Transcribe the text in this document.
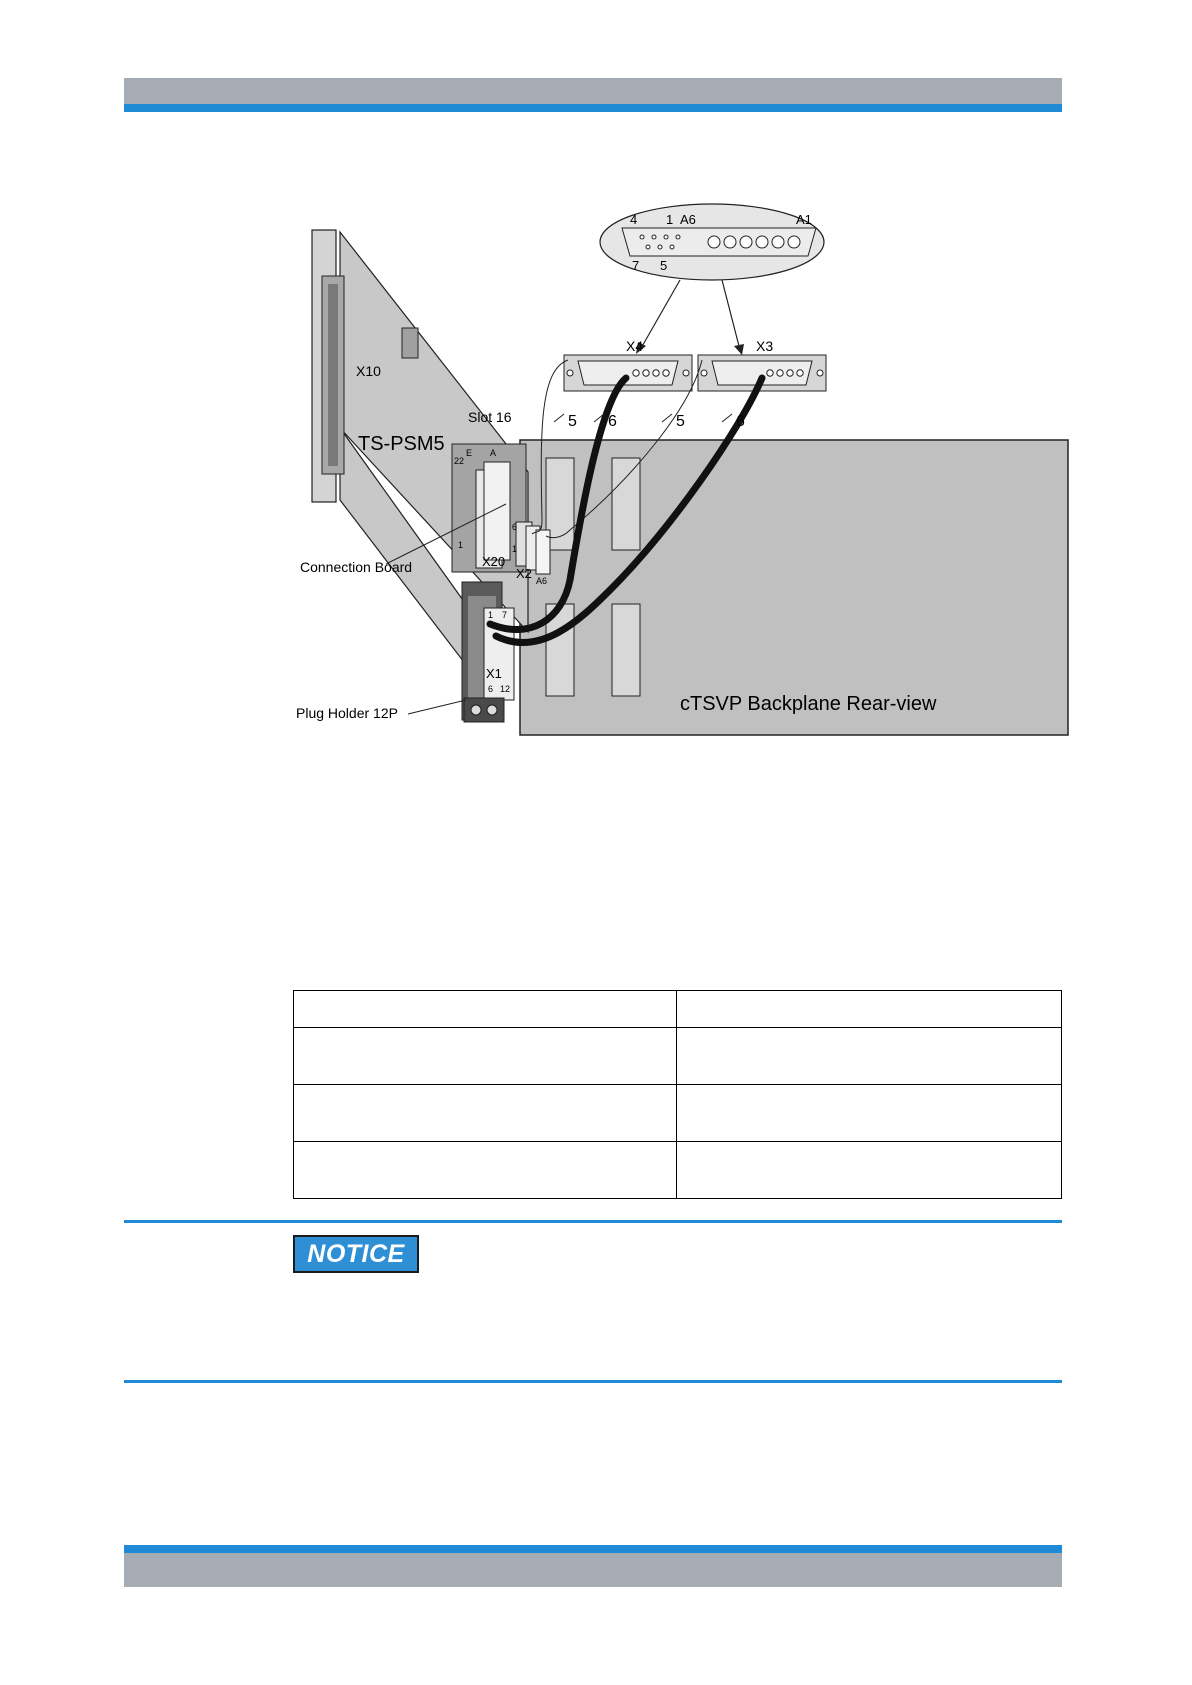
X10
TS-PSM5
Slot 16
X20
X2
X1
X4	X3
Connection Board
Plug Holder 12P	cTSVP Backplane Rear-view
5 6	5	6
4 1 A6	A1
7 5
E A
22
1
6
1
A6
1 7
6 12

NOTICE
